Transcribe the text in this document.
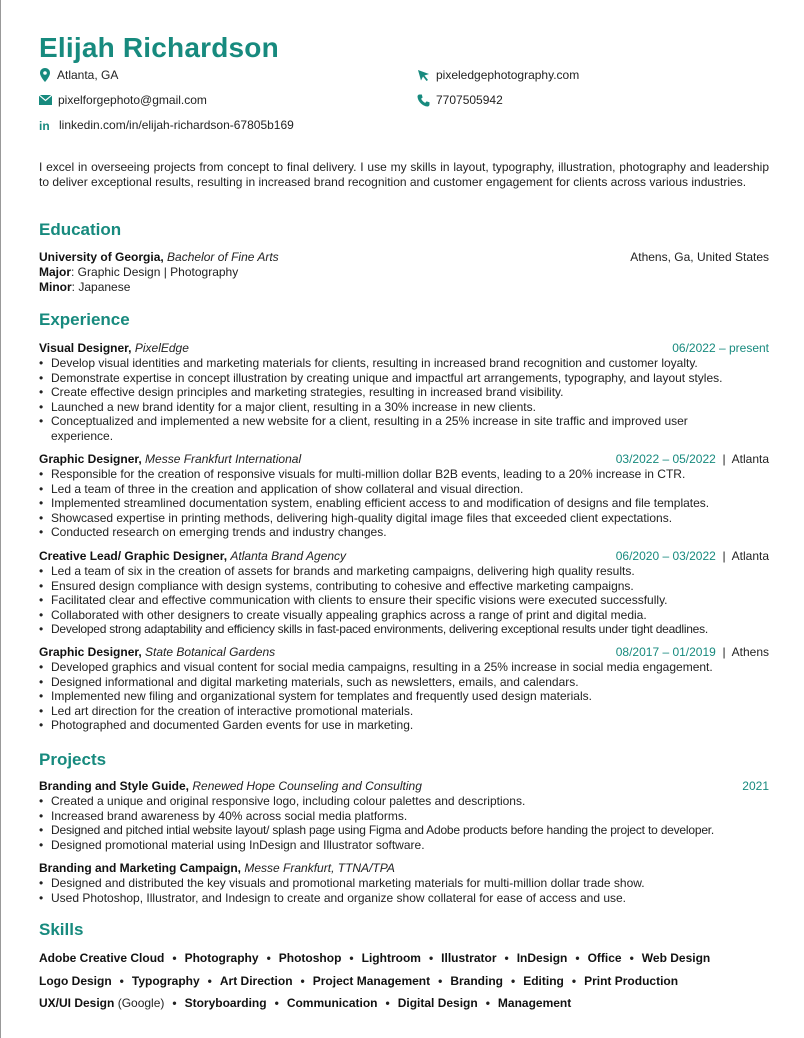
Elijah Richardson
Atlanta, GA	pixeledgephotography.com
pixelforgephoto@gmail.com	7707505942
in linkedin.com/in/elijah-richardson-67805b169
I excel in overseeing projects from concept to final delivery. I use my skills in layout, typography, illustration, photography and leadership to deliver exceptional results, resulting in increased brand recognition and customer engagement for clients across various industries.
Education
University of Georgia, Bachelor of Fine Arts	Athens, Ga, United States
Major: Graphic Design | Photography
Minor: Japanese
Experience
Visual Designer, PixelEdge	06/2022 – present
• Develop visual identities and marketing materials for clients, resulting in increased brand recognition and customer loyalty.
• Demonstrate expertise in concept illustration by creating unique and impactful art arrangements, typography, and layout styles.
• Create effective design principles and marketing strategies, resulting in increased brand visibility.
• Launched a new brand identity for a major client, resulting in a 30% increase in new clients.
• Conceptualized and implemented a new website for a client, resulting in a 25% increase in site traffic and improved user experience.
Graphic Designer, Messe Frankfurt International	03/2022 – 05/2022  |  Atlanta
• Responsible for the creation of responsive visuals for multi-million dollar B2B events, leading to a 20% increase in CTR.
• Led a team of three in the creation and application of show collateral and visual direction.
• Implemented streamlined documentation system, enabling efficient access to and modification of designs and file templates.
• Showcased expertise in printing methods, delivering high-quality digital image files that exceeded client expectations.
• Conducted research on emerging trends and industry changes.
Creative Lead/ Graphic Designer, Atlanta Brand Agency	06/2020 – 03/2022  |  Atlanta
• Led a team of six in the creation of assets for brands and marketing campaigns, delivering high quality results.
• Ensured design compliance with design systems, contributing to cohesive and effective marketing campaigns.
• Facilitated clear and effective communication with clients to ensure their specific visions were executed successfully.
• Collaborated with other designers to create visually appealing graphics across a range of print and digital media.
• Developed strong adaptability and efficiency skills in fast-paced environments, delivering exceptional results under tight deadlines.
Graphic Designer, State Botanical Gardens	08/2017 – 01/2019  |  Athens
• Developed graphics and visual content for social media campaigns, resulting in a 25% increase in social media engagement.
• Designed informational and digital marketing materials, such as newsletters, emails, and calendars.
• Implemented new filing and organizational system for templates and frequently used design materials.
• Led art direction for the creation of interactive promotional materials.
• Photographed and documented Garden events for use in marketing.
Projects
Branding and Style Guide, Renewed Hope Counseling and Consulting	2021
• Created a unique and original responsive logo, including colour palettes and descriptions.
• Increased brand awareness by 40% across social media platforms.
• Designed and pitched intial website layout/ splash page using Figma and Adobe products before handing the project to developer.
• Designed promotional material using InDesign and Illustrator software.
Branding and Marketing Campaign, Messe Frankfurt, TTNA/TPA
• Designed and distributed the key visuals and promotional marketing materials for multi-million dollar trade show.
• Used Photoshop, Illustrator, and Indesign to create and organize show collateral for ease of access and use.
Skills
Adobe Creative Cloud • Photography • Photoshop • Lightroom • Illustrator • InDesign • Office • Web Design
Logo Design • Typography • Art Direction • Project Management • Branding • Editing • Print Production
UX/UI Design (Google) • Storyboarding • Communication • Digital Design • Management
